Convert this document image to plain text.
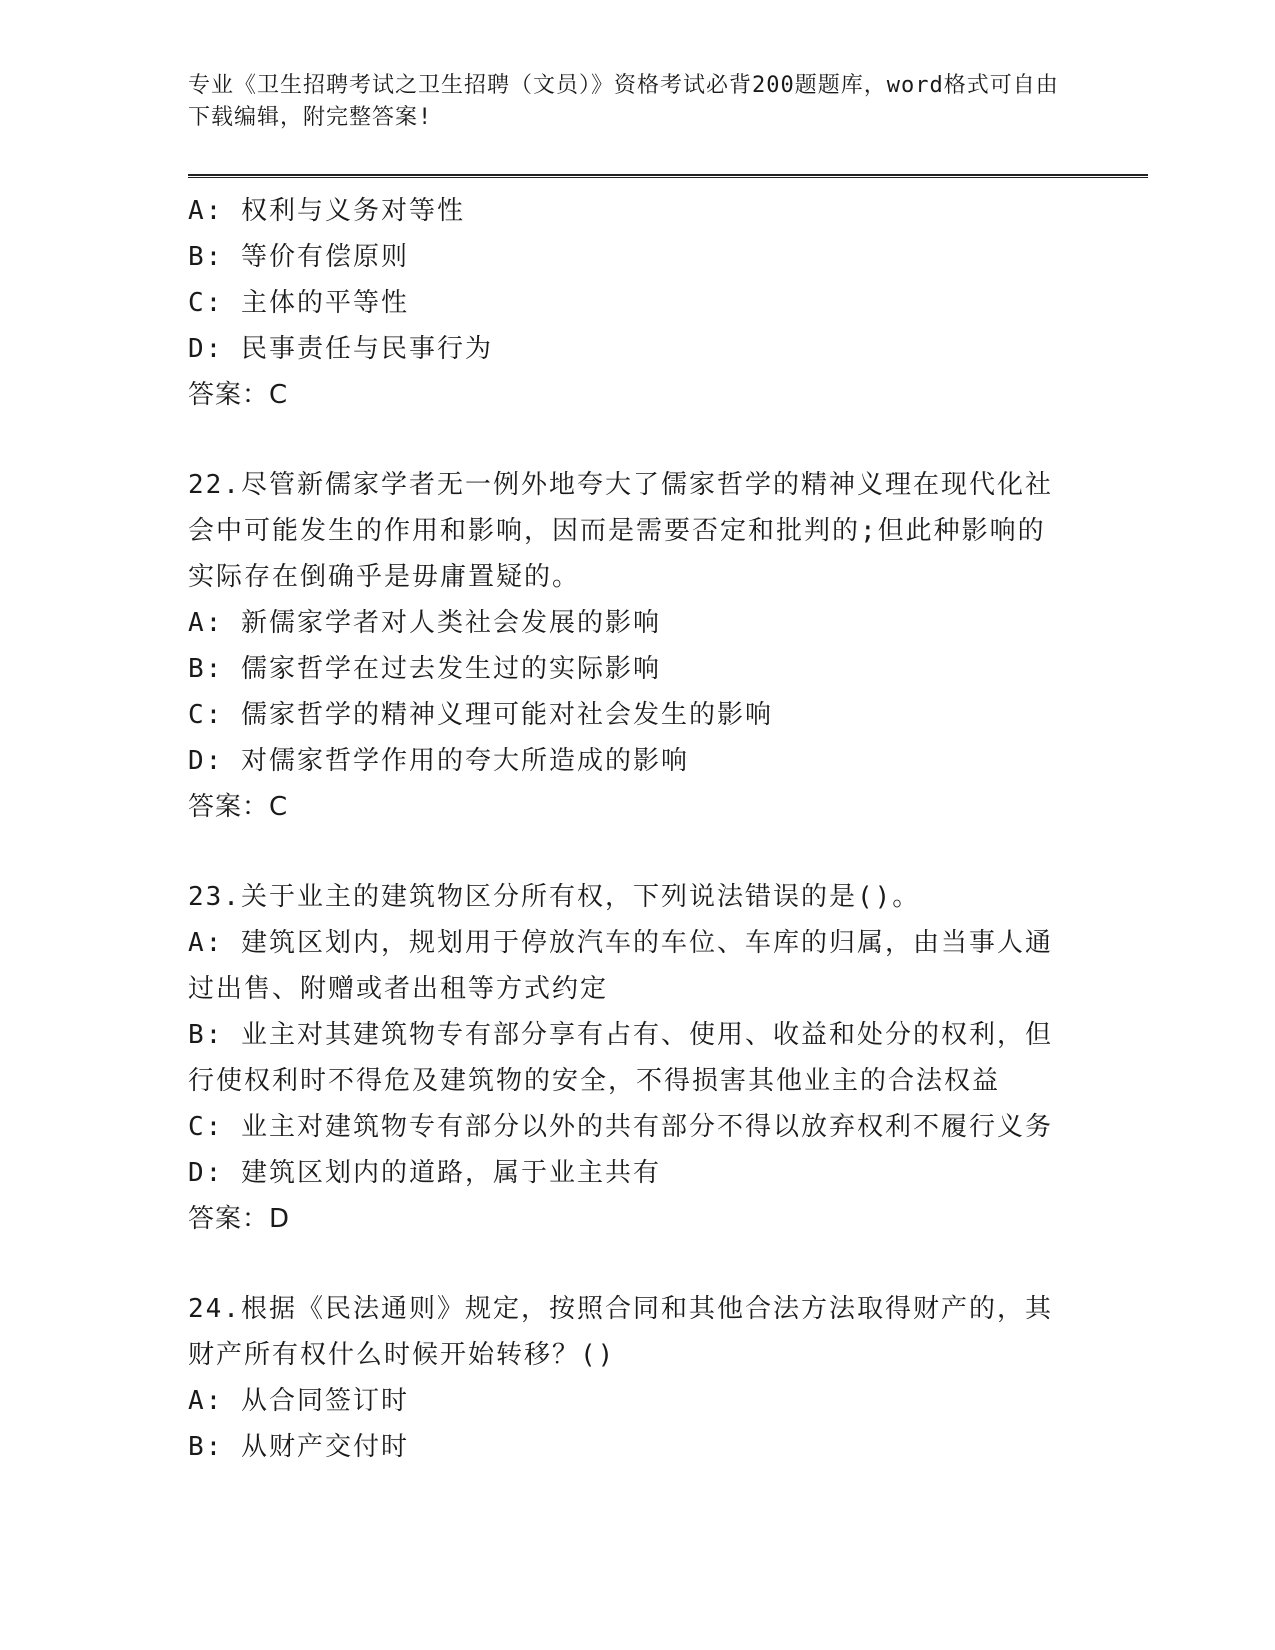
专业《卫生招聘考试之卫生招聘（文员）》资格考试必背200题题库，word格式可自由下载编辑，附完整答案!

A: 权利与义务对等性

B: 等价有偿原则

C: 主体的平等性

D: 民事责任与民事行为

答案：C

22.尽管新儒家学者无一例外地夸大了儒家哲学的精神义理在现代化社会中可能发生的作用和影响，因而是需要否定和批判的;但此种影响的实际存在倒确乎是毋庸置疑的。

A: 新儒家学者对人类社会发展的影响

B: 儒家哲学在过去发生过的实际影响

C: 儒家哲学的精神义理可能对社会发生的影响

D: 对儒家哲学作用的夸大所造成的影响

答案：C

23.关于业主的建筑物区分所有权，下列说法错误的是()。

A: 建筑区划内，规划用于停放汽车的车位、车库的归属，由当事人通过出售、附赠或者出租等方式约定

B: 业主对其建筑物专有部分享有占有、使用、收益和处分的权利，但行使权利时不得危及建筑物的安全，不得损害其他业主的合法权益

C: 业主对建筑物专有部分以外的共有部分不得以放弃权利不履行义务

D: 建筑区划内的道路，属于业主共有

答案：D

24.根据《民法通则》规定，按照合同和其他合法方法取得财产的，其财产所有权什么时候开始转移？()

A: 从合同签订时

B: 从财产交付时
